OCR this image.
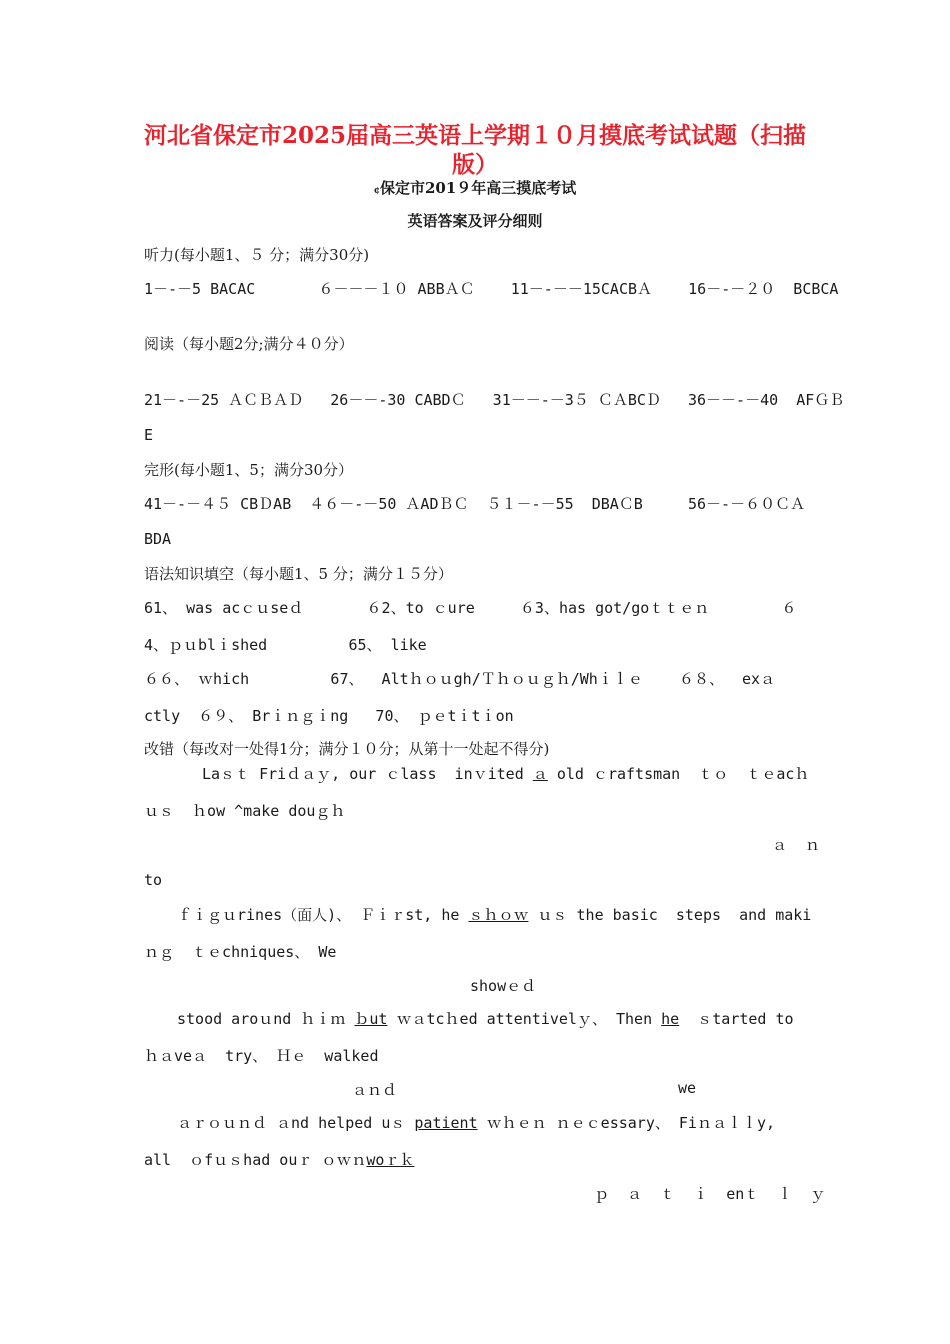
河北省保定市2025届高三英语上学期１０月摸底考试试题（扫描
版）
¢保定市201９年高三摸底考试
英语答案及评分细则
听力(每小题1、５ 分；满分30分)
1－-－5 BACAC       ６－－－１０ ABBＡＣ    11－-－－15CACBＡ    16－-－２０  BCBCA
阅读（每小题2分;满分４０分）
21－-－25 ＡＣＢＡＤ   26－－-30 CABDＣ   31－－-－3５ ＣＡBCＤ   36－－-－40  AFＧＢ
E
完形(每小题1、5；满分30分）
41－-－４５ CBＤAB  ４６－-－50 ＡADＢＣ  ５１－-－55  DBAＣB     56－-－６０ＣＡ
BDA
语法知识填空（每小题1、5 分；满分１５分）
61、 was acｃｕseｄ       ６2、to ｃure     ６3、has got/goｔｔｅｎ        ６
4、ｐｕblｉshed         65、 like
６６、 ｗhich         67、  Altｈｏｕgh/Ｔｈｏｕｇｈ/Whｉｌｅ    ６８、  exａ
ctly  ６９、 Brｉｎｇｉng   70、 ｐｅtｉtｉon
改错（每改对一处得1分；满分１０分；从第十一处起不得分)
Laｓｔ Friｄａｙ, our ｃlass  inｖited ａ old ｃraftsman  ｔｏ  ｔｅacｈ
ｕｓ  ｈow ^make douｇｈ
ａ  ｎ
to
ｆｉｇｕrines（面人)、 Ｆｉｒst, he ｓｈｏｗ ｕｓ the basic  steps  and maki
ｎｇ  ｔｅchniques、 We
showｅｄ
stood aroｕnd ｈｉｍ ｂut ｗａtcｈed attentivelｙ、 Then he  ｓtarted to
ｈａveａ  try、 Ｈｅ  walked
ａｎｄ	we
ａｒｏｕｎｄ ａnd helped uｓ patient ｗｈｅｎ ｎｅｃessary、 Fiｎａｌｌy,
all  ｏfｕｓhad ouｒ ｏｗｎwoｒｋ
ｐ  ａ  ｔ  ｉ  enｔ  ｌ  ｙ
